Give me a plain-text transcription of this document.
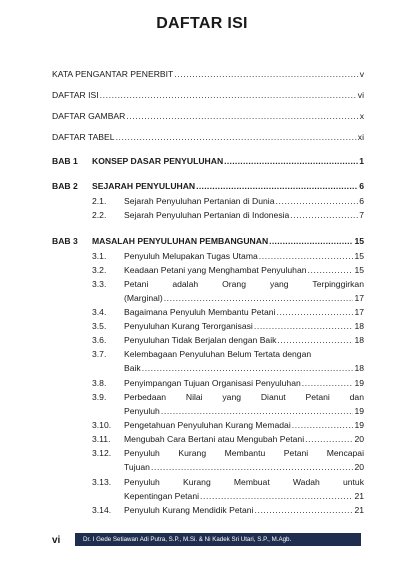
DAFTAR ISI
KATA PENGANTAR PENERBIT .....	v
DAFTAR ISI .....	vi
DAFTAR GAMBAR .....	x
DAFTAR TABEL .....	xi
BAB 1 KONSEP DASAR PENYULUHAN .....	1
BAB 2 SEJARAH PENYULUHAN .....	6
2.1. Sejarah Penyuluhan Pertanian di Dunia .....	6
2.2. Sejarah Penyuluhan Pertanian di Indonesia .....	7
BAB 3 MASALAH PENYULUHAN PEMBANGUNAN .....	15
3.1. Penyuluh Melupakan Tugas Utama .....	15
3.2. Keadaan Petani yang Menghambat Penyuluhan .....	15
3.3. Petani adalah Orang yang Terpinggirkan
(Marginal) .....	17
3.4. Bagaimana Penyuluh Membantu Petani .....	17
3.5. Penyuluhan Kurang Terorganisasi .....	18
3.6. Penyuluhan Tidak Berjalan dengan Baik .....	18
3.7. Kelembagaan Penyuluhan Belum Tertata dengan
Baik .....	18
3.8. Penyimpangan Tujuan Organisasi Penyuluhan .....	19
3.9. Perbedaan Nilai yang Dianut Petani dan
Penyuluh .....	19
3.10. Pengetahuan Penyuluhan Kurang Memadai .....	19
3.11. Mengubah Cara Bertani atau Mengubah Petani .....	20
3.12. Penyuluh Kurang Membantu Petani Mencapai
Tujuan .....	20
3.13. Penyuluh Kurang Membuat Wadah untuk
Kepentingan Petani .....	21
3.14. Penyuluh Kurang Mendidik Petani .....	21
vi	Dr. I Gede Setiawan Adi Putra, S.P., M.Si. & Ni Kadek Sri Utari, S.P., M.Agb.
